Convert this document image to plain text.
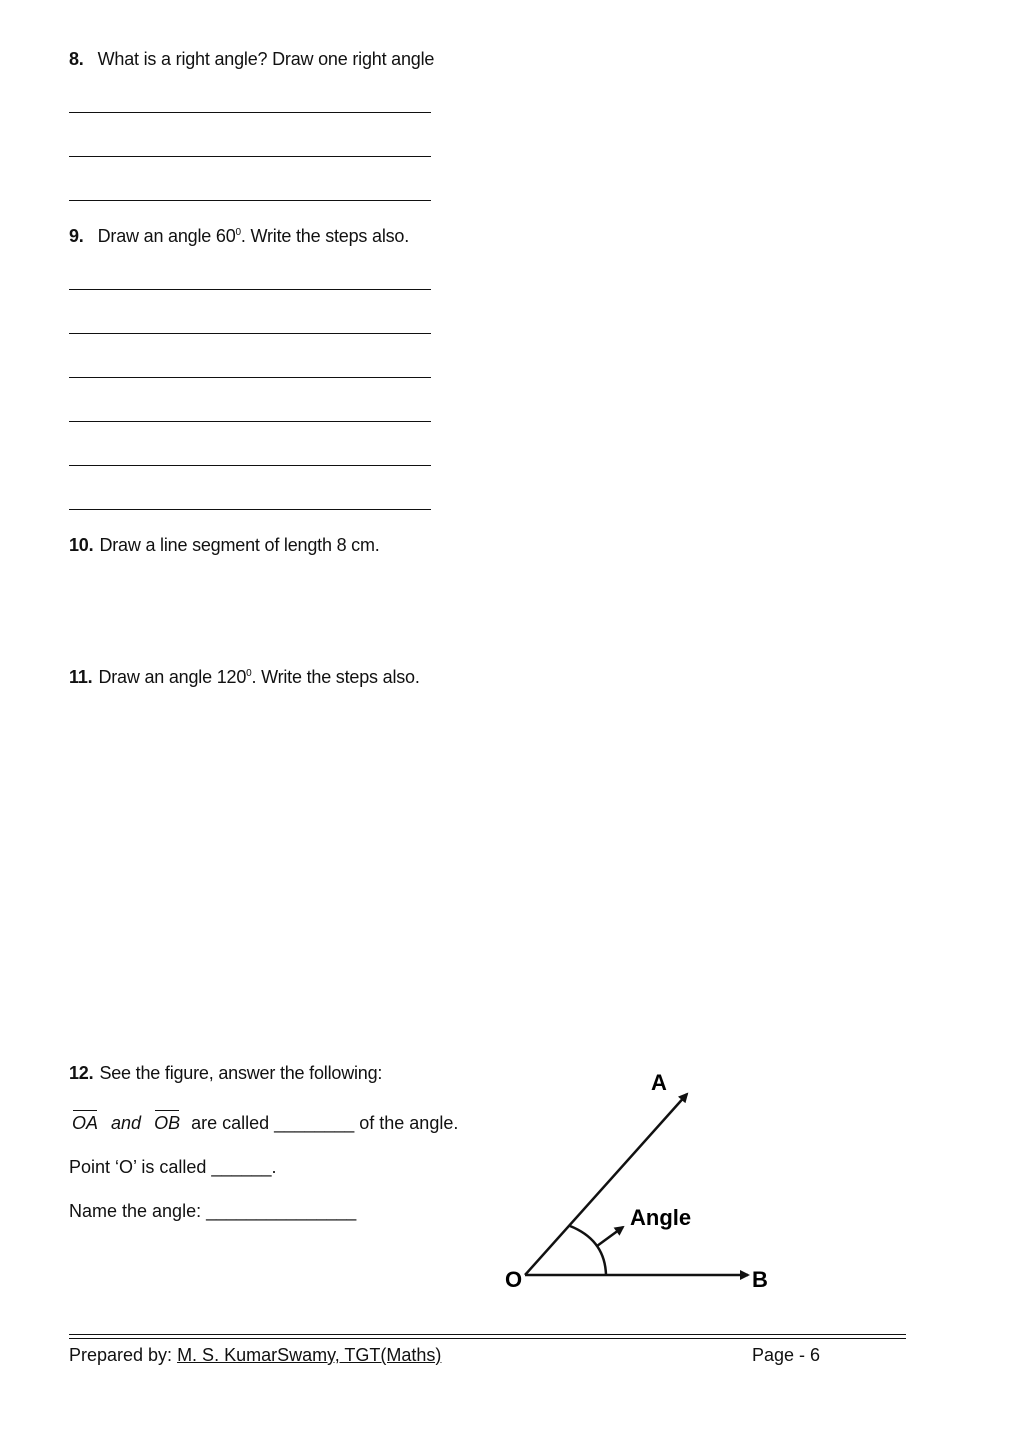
8. What is a right angle? Draw one right angle
9. Draw an angle $60^0$. Write the steps also.
10. Draw a line segment of length 8 cm.
11. Draw an angle $120^0$. Write the steps also.
12. See the figure, answer the following:
OA and OB are called ________ of the angle.
Point ‘O’ is called ______.
Name the angle: _______________
A
B
O
Angle
Prepared by: M. S. KumarSwamy, TGT(Maths)	Page - 6
